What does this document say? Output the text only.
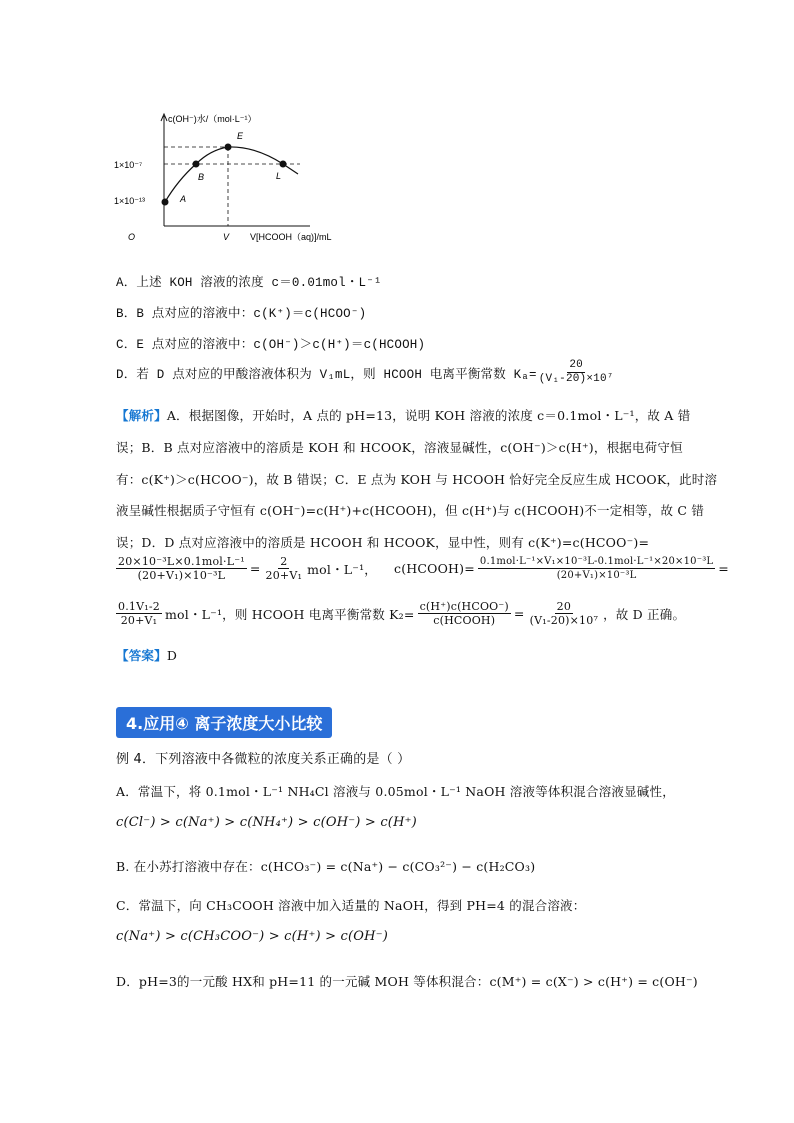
c(OH⁻)水/（mol·L⁻¹）
1×10⁻⁷
1×10⁻¹³
O	V V[HCOOH（aq)]/mL
A
B
E
L
A．上述 KOH 溶液的浓度 c＝0.01mol・L⁻¹
B．B 点对应的溶液中：c(K⁺)＝c(HCOO⁻)
C．E 点对应的溶液中：c(OH⁻)＞c(H⁺)＝c(HCOOH)
D．若 D 点对应的甲酸溶液体积为 V₁mL，则 HCOOH 电离平衡常数 $K_a= \frac{20}{\text{(V₁-20)×10⁷}}$
【解析】A．根据图像，开始时，A 点的 pH=13，说明 KOH 溶液的浓度 c＝0.1mol・L⁻¹，故 A 错
误；B．B 点对应溶液中的溶质是 KOH 和 HCOOK，溶液显碱性，c(OH⁻)＞c(H⁺)，根据电荷守恒
有：c(K⁺)＞c(HCOO⁻)，故 B 错误；C．E 点为 KOH 与 HCOOH 恰好完全反应生成 HCOOK，此时溶
液呈碱性根据质子守恒有 c(OH⁻)=c(H⁺)+c(HCOOH)，但 c(H⁺)与 c(HCOOH)不一定相等，故 C 错
误；D．D 点对应溶液中的溶质是 HCOOH 和 HCOOK，显中性，则有 c(K⁺)=c(HCOO⁻)=
$\frac{\text{20×10⁻³L×0.1mol·L⁻¹}}{\text{(20+V₁)×10⁻³L}} = \frac{2}{\text{20+V₁}}$ mol・L⁻¹， c(HCOOH)= $\frac{\text{0.1mol·L⁻¹×V₁×10⁻³L-0.1mol·L⁻¹×20×10⁻³L}}{\text{(20+V₁)×10⁻³L}}$ =
$\frac{\text{0.1V₁-2}}{\text{20+V₁}}$ mol・L⁻¹，则 HCOOH 电离平衡常数 $K_2= \frac{\text{c(H⁺)c(HCOO⁻)}}{\text{c(HCOOH)}} = \frac{20}{\text{(V₁-20)×10⁷}}$ ，故 D 正确。
【答案】D
4.应用④ 离子浓度大小比较
例 4．下列溶液中各微粒的浓度关系正确的是（ ）
A．常温下，将 0.1mol・L⁻¹ NH₄Cl 溶液与 0.05mol・L⁻¹ NaOH 溶液等体积混合溶液显碱性，
c(Cl⁻) > c(Na⁺) > c(NH₄⁺) > c(OH⁻) > c(H⁺)
B. 在小苏打溶液中存在：c(HCO₃⁻) = c(Na⁺) − c(CO₃²⁻) − c(H₂CO₃)
C．常温下，向 CH₃COOH 溶液中加入适量的 NaOH，得到 PH=4 的混合溶液：
c(Na⁺) > c(CH₃COO⁻) > c(H⁺) > c(OH⁻)
D．pH=3的一元酸 HX和 pH=11 的一元碱 MOH 等体积混合：c(M⁺) = c(X⁻) > c(H⁺) = c(OH⁻)
